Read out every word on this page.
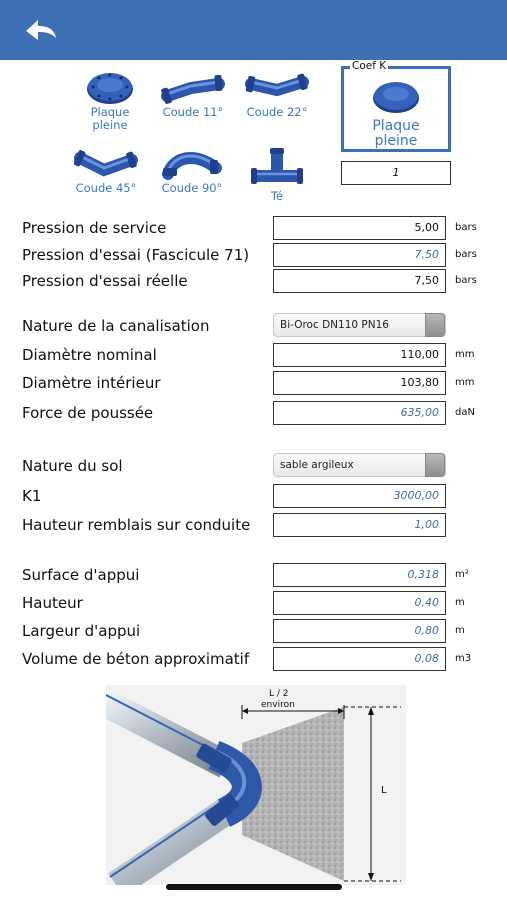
Plaque
pleine
Coude 11°	Coude 22°
Coude 45°	Coude 90°
Té
Coef K
Plaque
pleine
1
Pression de service	5,00	bars
Pression d'essai (Fascicule 71)	7,50	bars
Pression d'essai réelle	7,50	bars
Nature de la canalisation	Bi-Oroc DN110 PN16
Diamètre nominal	110,00	mm
Diamètre intérieur	103,80	mm
Force de poussée	635,00	daN
Nature du sol	sable argileux
K1	3000,00
Hauteur remblais sur conduite	1,00
Surface d'appui	0,318	m²
Hauteur	0,40	m
Largeur d'appui	0,80	m
Volume de béton approximatif	0,08	m3
L / 2
environ
L
